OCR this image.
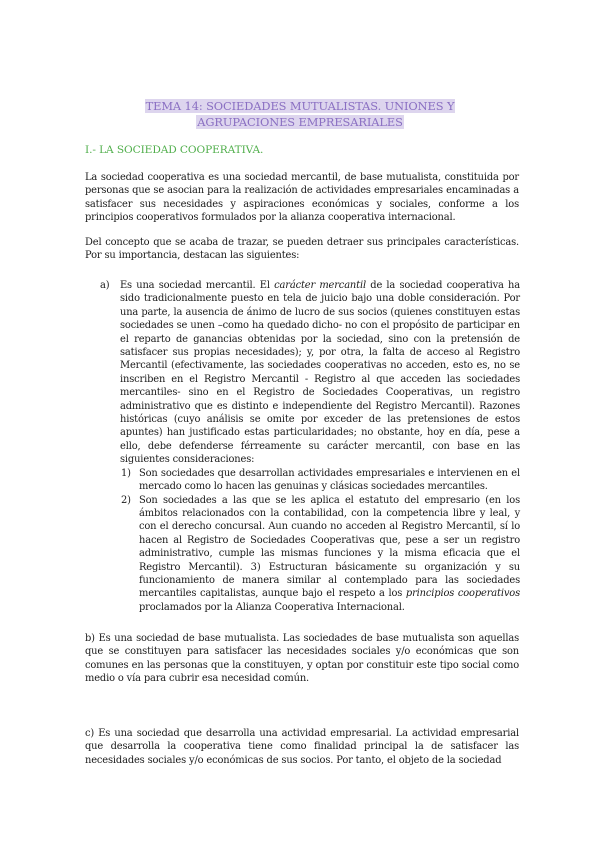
TEMA 14: SOCIEDADES MUTUALISTAS. UNIONES Y
AGRUPACIONES EMPRESARIALES
I.- LA SOCIEDAD COOPERATIVA.

La sociedad cooperativa es una sociedad mercantil, de base mutualista, constituida por personas que se asocian para la realización de actividades empresariales encaminadas a satisfacer sus necesidades y aspiraciones económicas y sociales, conforme a los principios cooperativos formulados por la alianza cooperativa internacional.

Del concepto que se acaba de trazar, se pueden detraer sus principales características. Por su importancia, destacan las siguientes:

a) Es una sociedad mercantil. El carácter mercantil de la sociedad cooperativa ha sido tradicionalmente puesto en tela de juicio bajo una doble consideración. Por una parte, la ausencia de ánimo de lucro de sus socios (quienes constituyen estas sociedades se unen –como ha quedado dicho- no con el propósito de participar en el reparto de ganancias obtenidas por la sociedad, sino con la pretensión de satisfacer sus propias necesidades); y, por otra, la falta de acceso al Registro Mercantil (efectivamente, las sociedades cooperativas no acceden, esto es, no se inscriben en el Registro Mercantil - Registro al que acceden las sociedades mercantiles- sino en el Registro de Sociedades Cooperativas, un registro administrativo que es distinto e independiente del Registro Mercantil). Razones históricas (cuyo análisis se omite por exceder de las pretensiones de estos apuntes) han justificado estas particularidades; no obstante, hoy en día, pese a ello, debe defenderse férreamente su carácter mercantil, con base en las siguientes consideraciones:
1) Son sociedades que desarrollan actividades empresariales e intervienen en el mercado como lo hacen las genuinas y clásicas sociedades mercantiles.
2) Son sociedades a las que se les aplica el estatuto del empresario (en los ámbitos relacionados con la contabilidad, con la competencia libre y leal, y con el derecho concursal. Aun cuando no acceden al Registro Mercantil, sí lo hacen al Registro de Sociedades Cooperativas que, pese a ser un registro administrativo, cumple las mismas funciones y la misma eficacia que el Registro Mercantil). 3) Estructuran básicamente su organización y su funcionamiento de manera similar al contemplado para las sociedades mercantiles capitalistas, aunque bajo el respeto a los principios cooperativos proclamados por la Alianza Cooperativa Internacional.

b) Es una sociedad de base mutualista. Las sociedades de base mutualista son aquellas que se constituyen para satisfacer las necesidades sociales y/o económicas que son comunes en las personas que la constituyen, y optan por constituir este tipo social como medio o vía para cubrir esa necesidad común.

c) Es una sociedad que desarrolla una actividad empresarial. La actividad empresarial que desarrolla la cooperativa tiene como finalidad principal la de satisfacer las necesidades sociales y/o económicas de sus socios. Por tanto, el objeto de la sociedad
